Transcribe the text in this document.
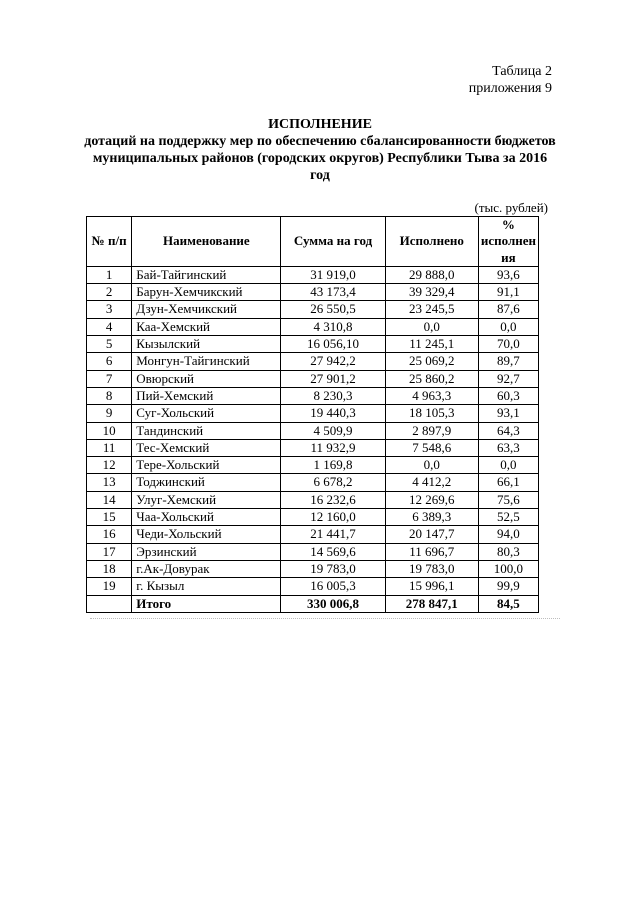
Таблица 2
приложения 9
ИСПОЛНЕНИЕ
дотаций на поддержку мер по обеспечению сбалансированности бюджетов
муниципальных районов (городских округов) Республики Тыва за 2016
год
(тыс. рублей)
№ п/п	Наименование	Сумма на год	Исполнено	% исполнен ия
1	Бай-Тайгинский	31 919,0	29 888,0	93,6
2	Барун-Хемчикский	43 173,4	39 329,4	91,1
3	Дзун-Хемчикский	26 550,5	23 245,5	87,6
4	Каа-Хемский	4 310,8	0,0	0,0
5	Кызылский	16 056,10	11 245,1	70,0
6	Монгун-Тайгинский	27 942,2	25 069,2	89,7
7	Овюрский	27 901,2	25 860,2	92,7
8	Пий-Хемский	8 230,3	4 963,3	60,3
9	Суг-Хольский	19 440,3	18 105,3	93,1
10	Тандинский	4 509,9	2 897,9	64,3
11	Тес-Хемский	11 932,9	7 548,6	63,3
12	Тере-Хольский	1 169,8	0,0	0,0
13	Тоджинский	6 678,2	4 412,2	66,1
14	Улуг-Хемский	16 232,6	12 269,6	75,6
15	Чаа-Хольский	12 160,0	6 389,3	52,5
16	Чеди-Хольский	21 441,7	20 147,7	94,0
17	Эрзинский	14 569,6	11 696,7	80,3
18	г.Ак-Довурак	19 783,0	19 783,0	100,0
19	г. Кызыл	16 005,3	15 996,1	99,9
	Итого	330 006,8	278 847,1	84,5
